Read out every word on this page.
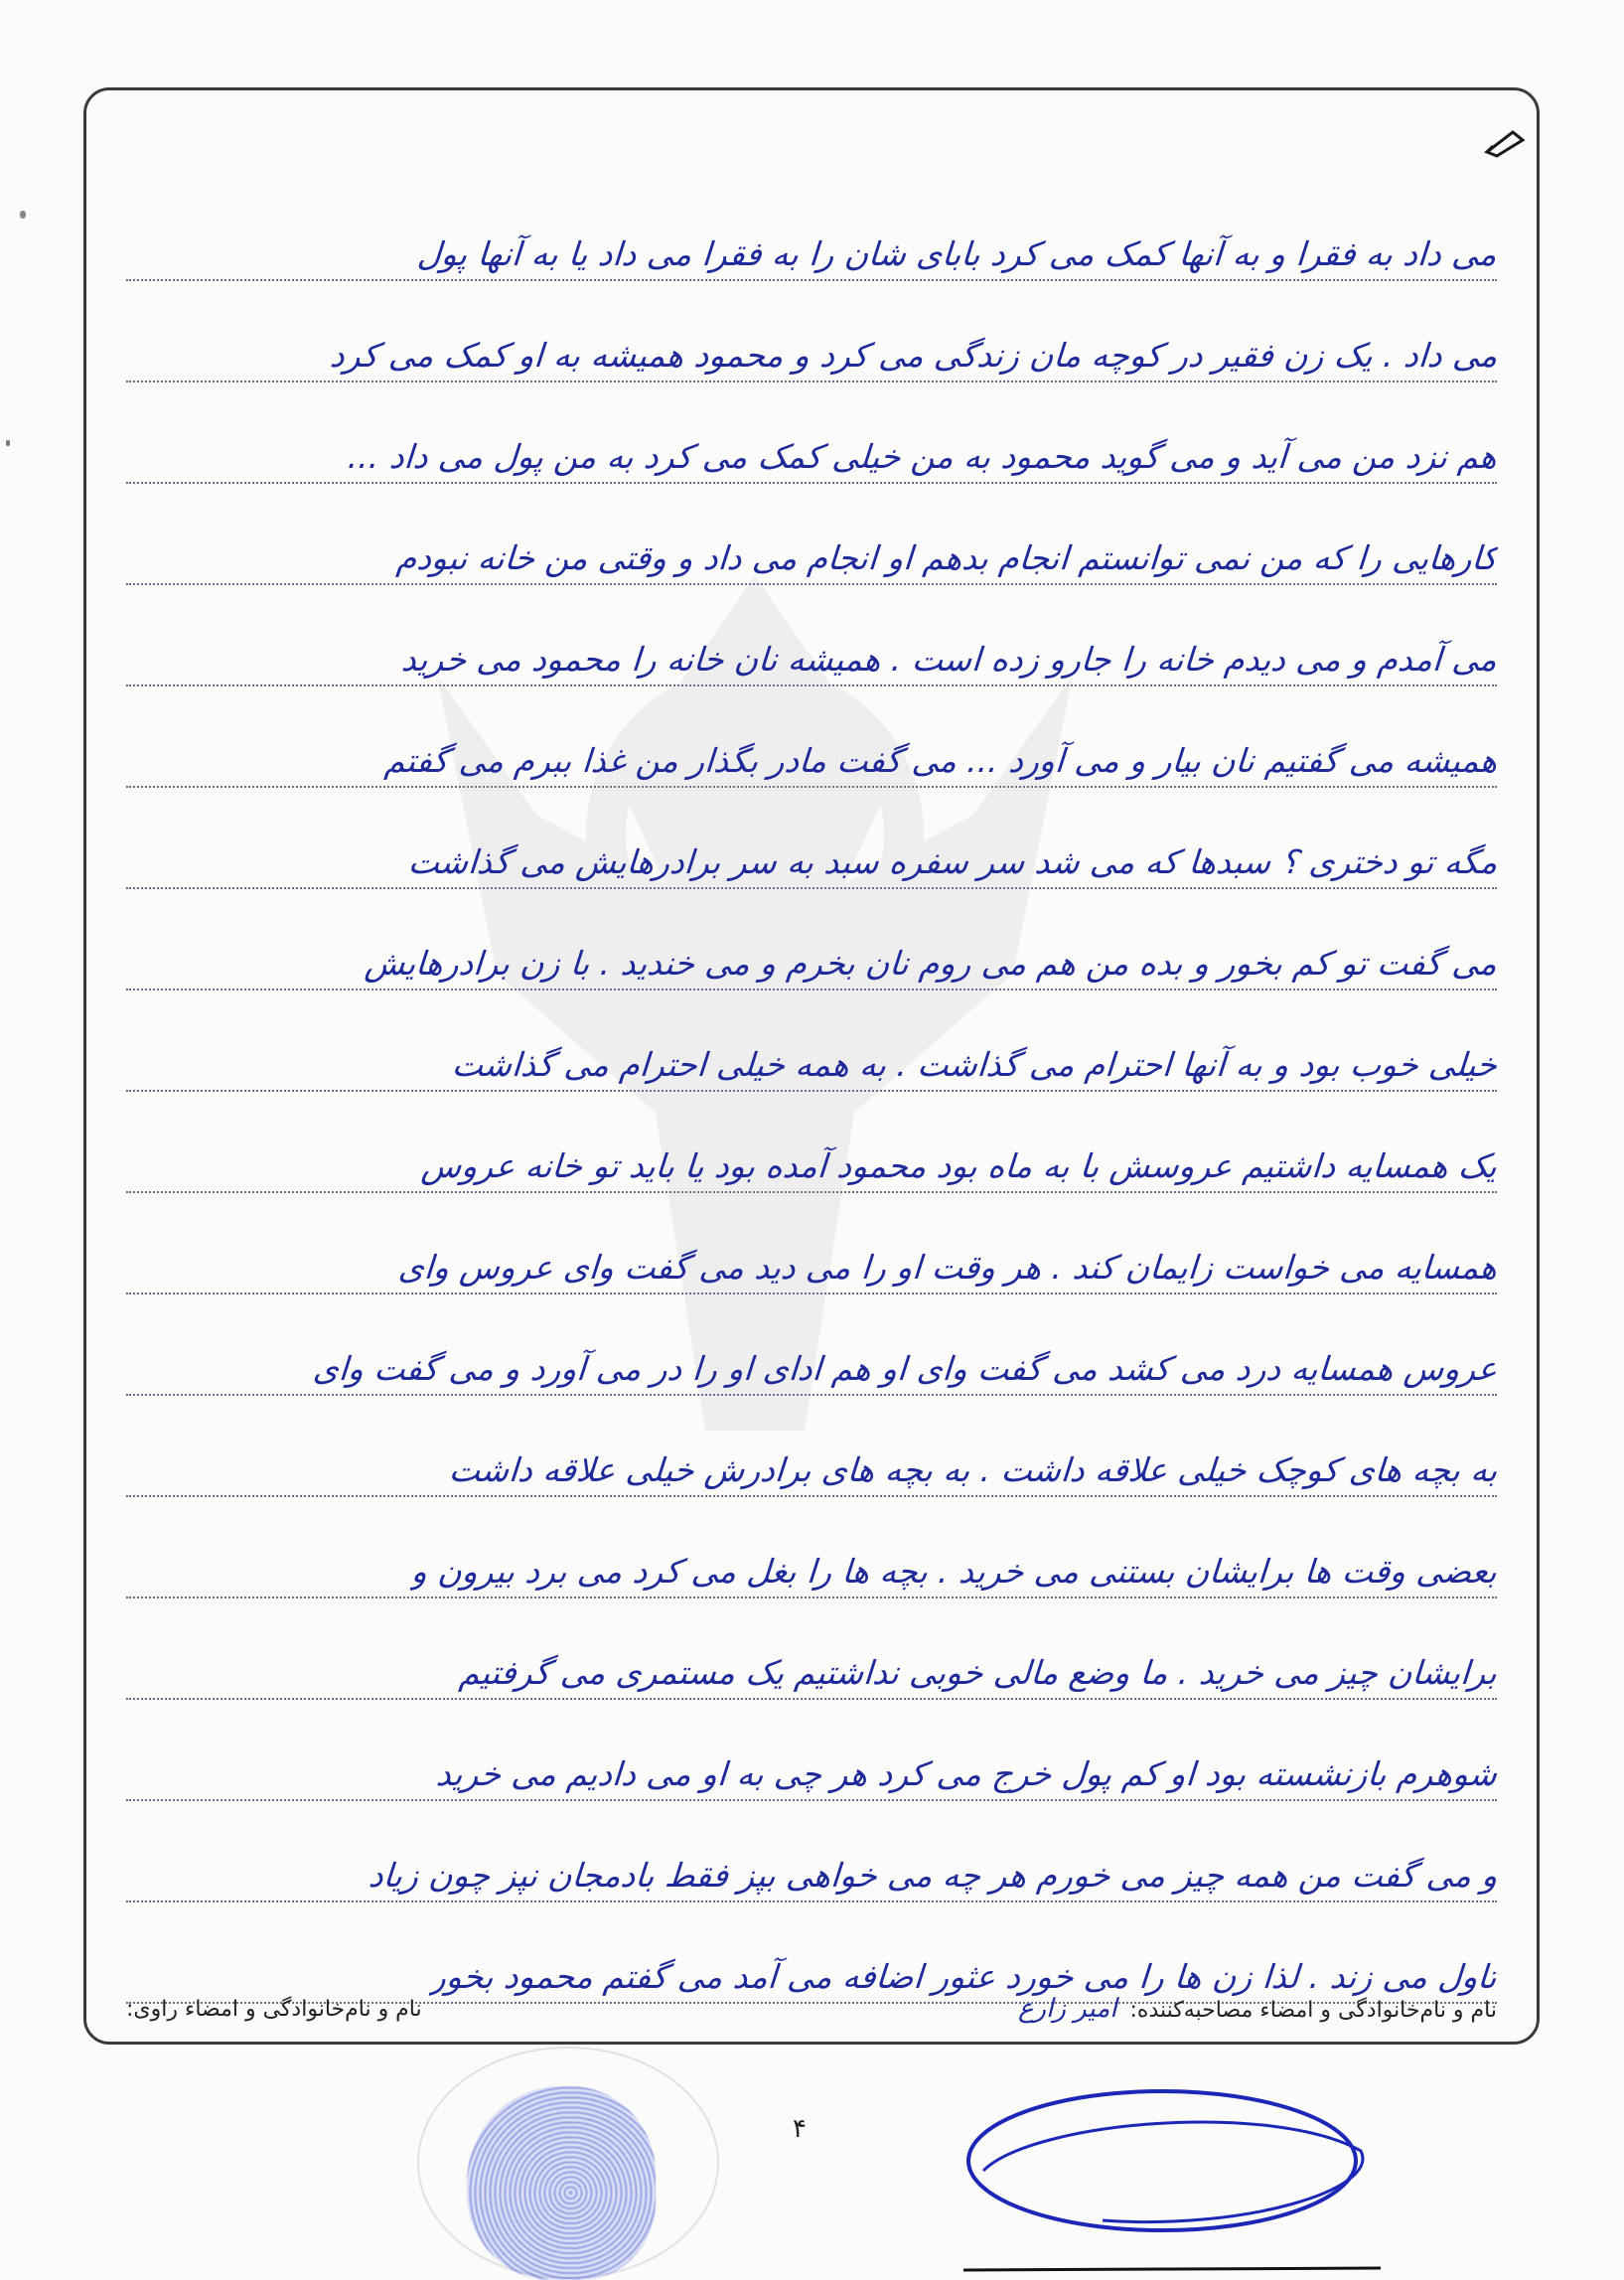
می داد به فقرا و به آنها کمک می کرد بابای شان را به فقرا می داد یا به آنها پول
می داد . یک زن فقیر در کوچه مان زندگی می کرد و محمود همیشه به او کمک می کرد
هم نزد من می آید و می گوید محمود به من خیلی کمک می کرد به من پول می داد ...
کارهایی را که من نمی توانستم انجام بدهم او انجام می داد و وقتی من خانه نبودم
می آمدم و می دیدم خانه را جارو زده است . همیشه نان خانه را محمود می خرید
همیشه می گفتیم نان بیار و می آورد ... می گفت مادر بگذار من غذا ببرم می گفتم
مگه تو دختری ؟ سبدها که می شد سر سفره سبد به سر برادرهایش می گذاشت
می گفت تو کم بخور و بده من هم می روم نان بخرم و می خندید . با زن برادرهایش
خیلی خوب بود و به آنها احترام می گذاشت . به همه خیلی احترام می گذاشت
یک همسایه داشتیم عروسش با به ماه بود محمود آمده بود یا باید تو خانه عروس
همسایه می خواست زایمان کند . هر وقت او را می دید می گفت وای عروس وای
عروس همسایه درد می کشد می گفت وای او هم ادای او را در می آورد و می گفت وای
به بچه های کوچک خیلی علاقه داشت . به بچه های برادرش خیلی علاقه داشت
بعضی وقت ها برایشان بستنی می خرید . بچه ها را بغل می کرد می برد بیرون و
برایشان چیز می خرید . ما وضع مالی خوبی نداشتیم یک مستمری می گرفتیم
شوهرم بازنشسته بود او کم پول خرج می کرد هر چی به او می دادیم می خرید
و می گفت من همه چیز می خورم هر چه می خواهی بپز فقط بادمجان نپز چون زیاد
تاول می زند . لذا زن ها را می خورد عثور اضافه می آمد می گفتم محمود بخور
نام و نام‌خانوادگی و امضاء مصاحبه‌کننده: امیر زارع
نام و نام‌خانوادگی و امضاء راوی:
۴
